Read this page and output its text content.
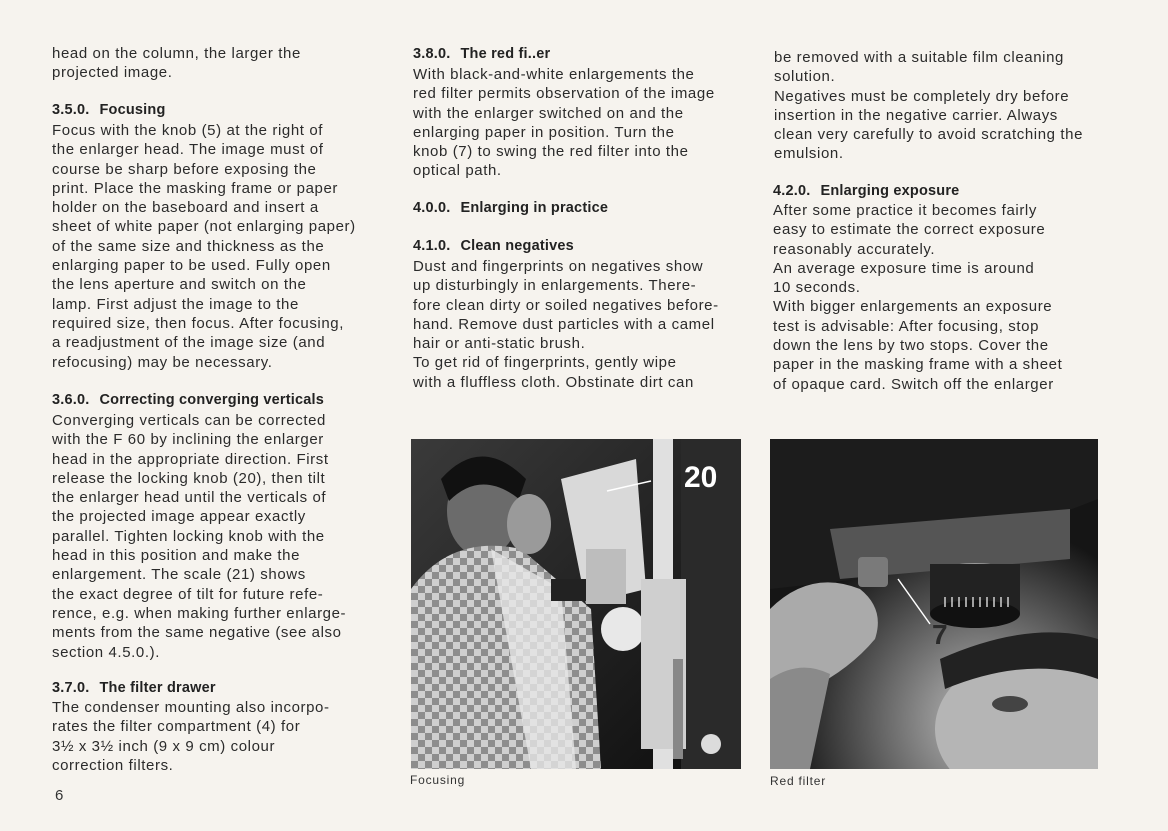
head on the column, the larger the
projected image.

3.5.0. Focusing

Focus with the knob (5) at the right of
the enlarger head. The image must of
course be sharp before exposing the
print. Place the masking frame or paper
holder on the baseboard and insert a
sheet of white paper (not enlarging paper)
of the same size and thickness as the
enlarging paper to be used. Fully open
the lens aperture and switch on the
lamp. First adjust the image to the
required size, then focus. After focusing,
a readjustment of the image size (and
refocusing) may be necessary.

3.6.0. Correcting converging verticals

Converging verticals can be corrected
with the F 60 by inclining the enlarger
head in the appropriate direction. First
release the locking knob (20), then tilt
the enlarger head until the verticals of
the projected image appear exactly
parallel. Tighten locking knob with the
head in this position and make the
enlargement. The scale (21) shows
the exact degree of tilt for future refe-
rence, e.g. when making further enlarge-
ments from the same negative (see also
section 4.5.0.).

3.7.0. The filter drawer

The condenser mounting also incorpo-
rates the filter compartment (4) for
3½ x 3½ inch (9 x 9 cm) colour
correction filters.

3.8.0. The red fi..er

With black-and-white enlargements the
red filter permits observation of the image
with the enlarger switched on and the
enlarging paper in position. Turn the
knob (7) to swing the red filter into the
optical path.

4.0.0. Enlarging in practice
4.1.0. Clean negatives

Dust and fingerprints on negatives show
up disturbingly in enlargements. There-
fore clean dirty or soiled negatives before-
hand. Remove dust particles with a camel
hair or anti-static brush.
To get rid of fingerprints, gently wipe
with a fluffless cloth. Obstinate dirt can

20
Focusing

be removed with a suitable film cleaning
solution.
Negatives must be completely dry before
insertion in the negative carrier. Always
clean very carefully to avoid scratching the
emulsion.

4.2.0. Enlarging exposure

After some practice it becomes fairly
easy to estimate the correct exposure
reasonably accurately.
An average exposure time is around
10 seconds.
With bigger enlargements an exposure
test is advisable: After focusing, stop
down the lens by two stops. Cover the
paper in the masking frame with a sheet
of opaque card. Switch off the enlarger

7
Red filter
6
